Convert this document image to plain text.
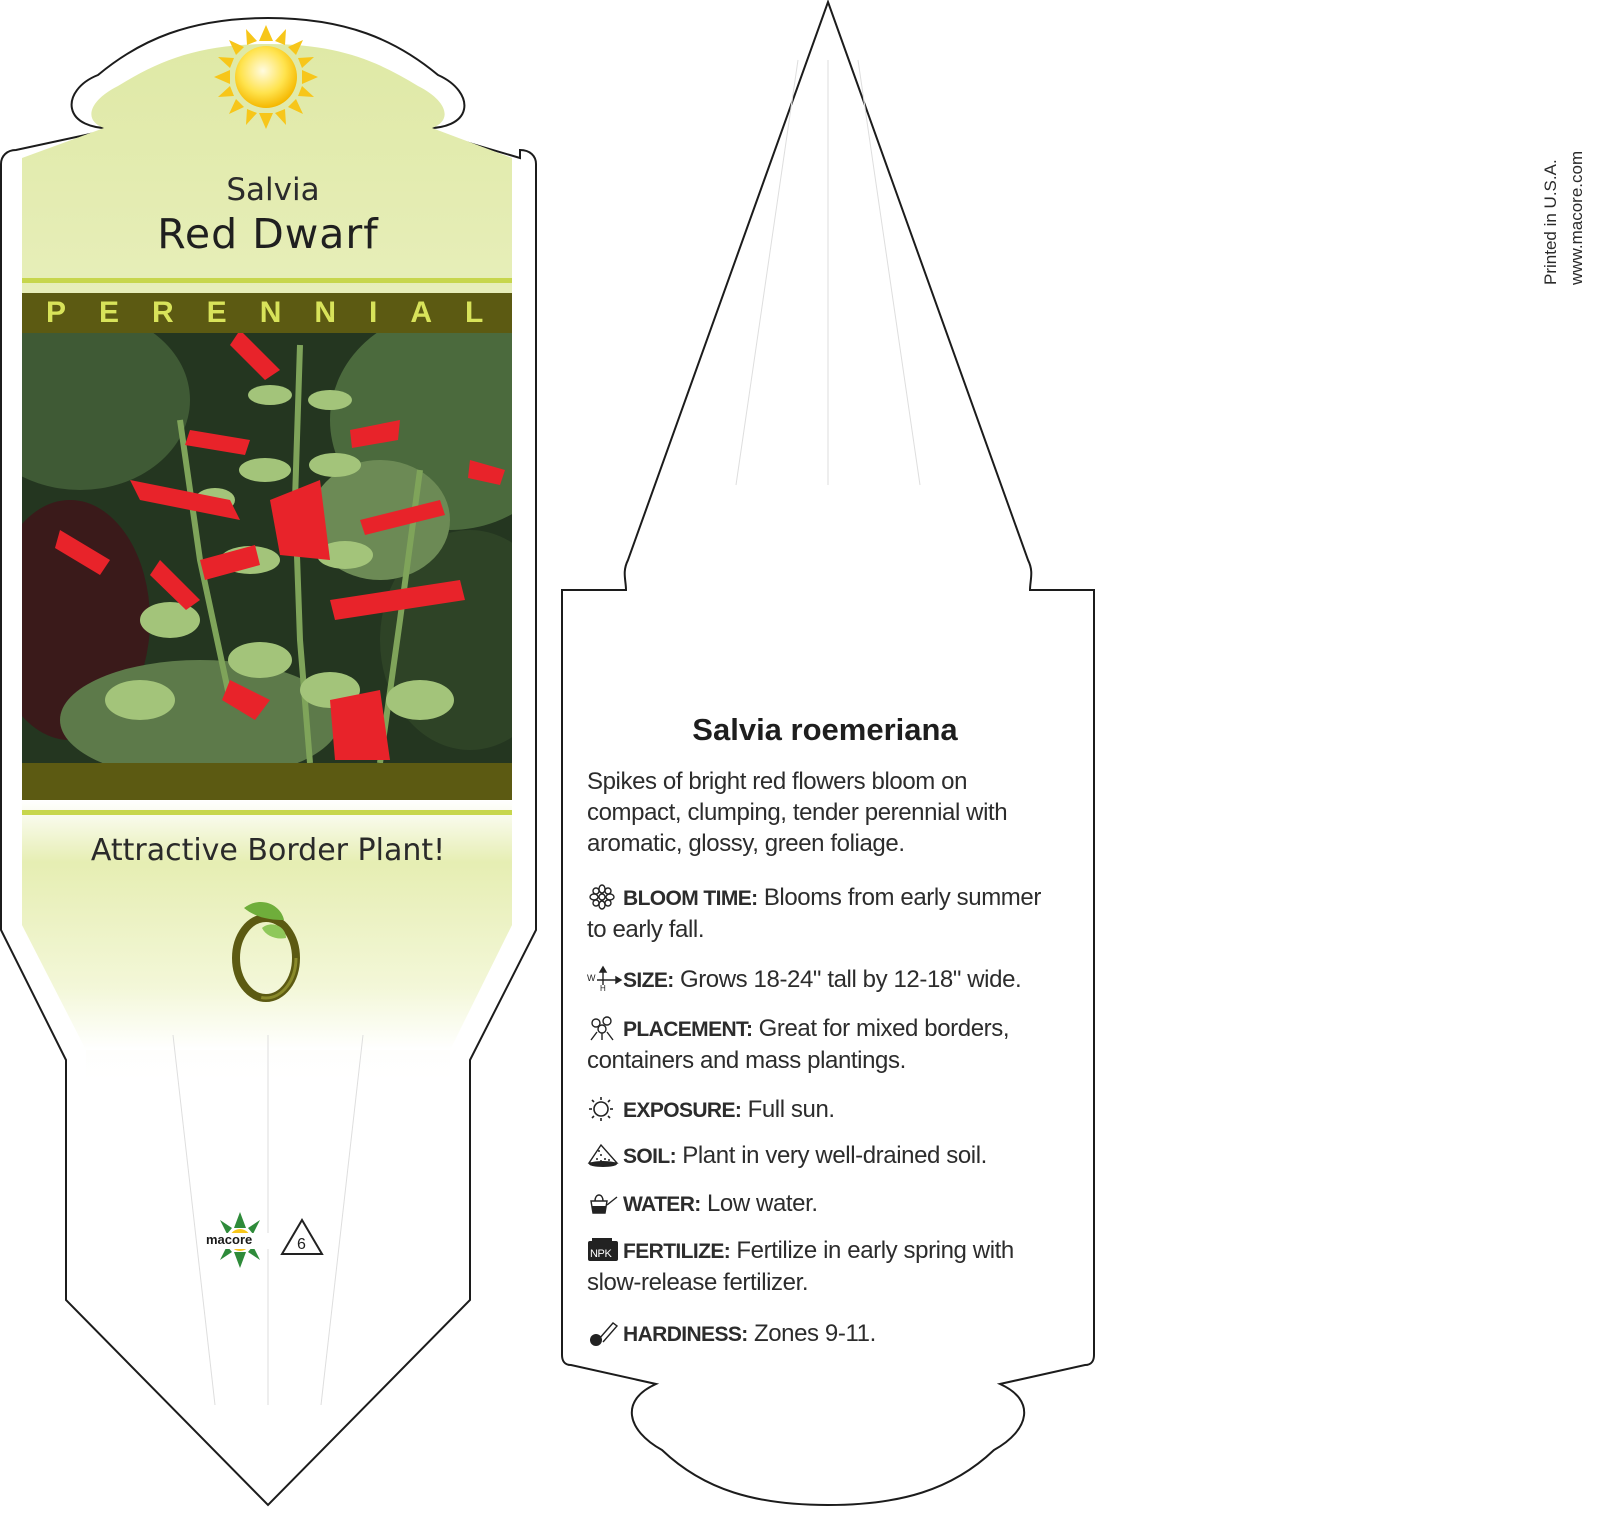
Salvia
Red Dwarf
PERENNIAL
Attractive Border Plant!
macore	6
Printed in U.S.A. www.macore.com
Salvia roemeriana
Spikes of bright red flowers bloom on compact, clumping, tender perennial with aromatic, glossy, green foliage.
BLOOM TIME: Blooms from early summer to early fall.
W
H SIZE: Grows 18-24" tall by 12-18" wide.
PLACEMENT: Great for mixed borders, containers and mass plantings.
EXPOSURE: Full sun.
SOIL: Plant in very well-drained soil.
WATER: Low water.
NPK FERTILIZE: Fertilize in early spring with slow-release fertilizer.
HARDINESS: Zones 9-11.
